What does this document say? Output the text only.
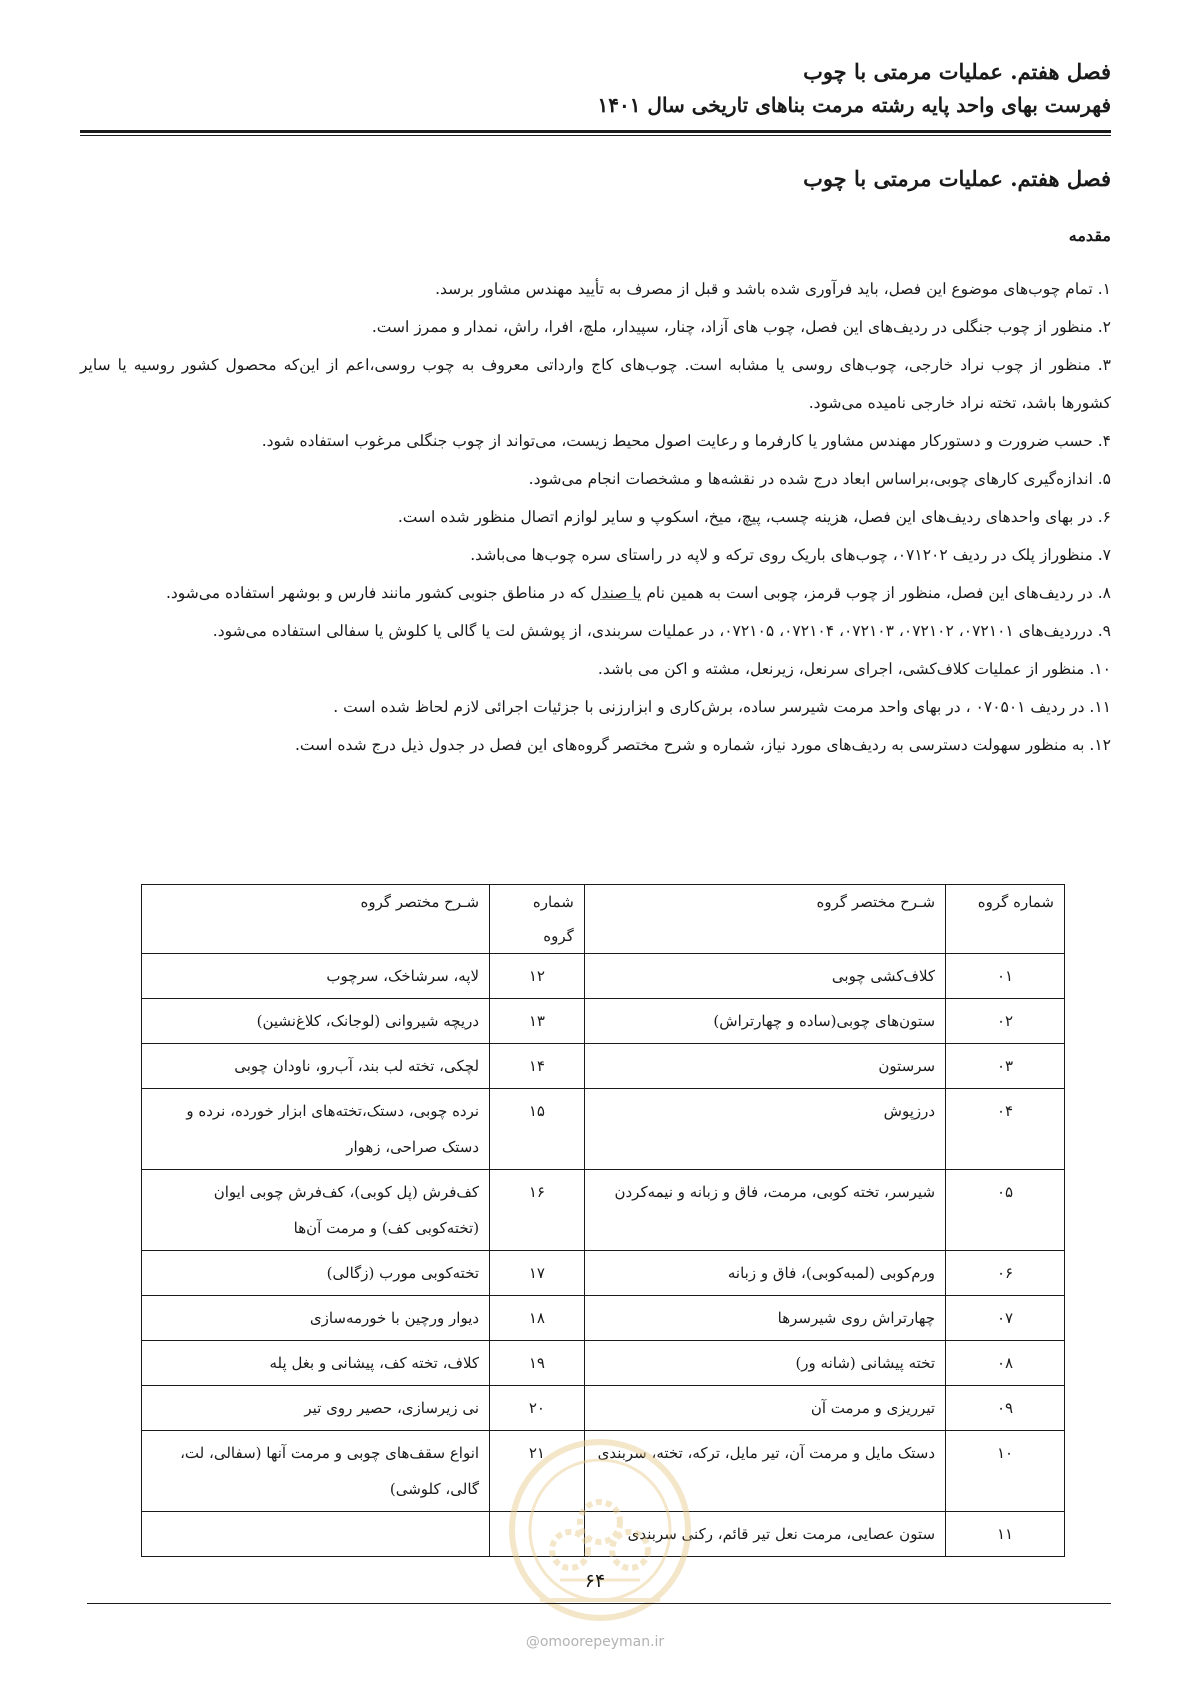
فصل هفتم. عملیات مرمتی با چوب
فهرست بهای واحد پایه رشته مرمت بناهای تاریخی سال ۱۴۰۱
فصل هفتم. عملیات مرمتی با چوب
مقدمه

۱. تمام چوب‌های موضوع این فصل، باید فرآوری شده باشد و قبل از مصرف به تأیید مهندس مشاور برسد.

۲. منظور از چوب جنگلی در ردیف‌های این فصل، چوب های آزاد، چنار، سپیدار، ملچ، افرا، راش، نمدار و ممرز است.

۳. منظور از چوب نراد خارجی، چوب‌های روسی یا مشابه است. چوب‌های کاج وارداتی معروف به چوب روسی،اعم از این‌که محصول کشور روسیه یا سایر کشورها باشد، تخته نراد خارجی نامیده می‌شود.

۴. حسب ضرورت و دستورکار مهندس مشاور یا کارفرما و رعایت اصول محیط زیست، می‌تواند از چوب جنگلی مرغوب استفاده شود.

۵. اندازه‌گیری کارهای چوبی،براساس ابعاد درج شده در نقشه‌ها و مشخصات انجام می‌شود.

۶. در بهای واحدهای ردیف‌های این فصل، هزینه چسب، پیچ، میخ، اسکوپ و سایر لوازم اتصال منظور شده است.

۷. منظوراز پلک در ردیف ۰۷۱۲۰۲، چوب‌های باریک روی ترکه و لاپه در راستای سره چوب‌ها می‌باشد.

۸. در ردیف‌های این فصل، منظور از چوب قرمز، چوبی است به همین نام یا صندل که در مناطق جنوبی کشور مانند فارس و بوشهر استفاده می‌شود.

۹. درردیف‌های ۰۷۲۱۰۱، ۰۷۲۱۰۲، ۰۷۲۱۰۳، ۰۷۲۱۰۴، ۰۷۲۱۰۵، در عملیات سربندی، از پوشش لت یا گالی یا کلوش یا سفالی استفاده می‌شود.

۱۰. منظور از عملیات کلاف‌کشی، اجرای سرنعل، زیرنعل، مشته و اکن می باشد.

۱۱. در ردیف ۰۷۰۵۰۱ ، در بهای واحد مرمت شیرسر ساده، برش‌کاری و ابزارزنی با جزئیات اجرائی لازم لحاظ شده است .

۱۲. به منظور سهولت دسترسی به ردیف‌های مورد نیاز، شماره و شرح مختصر گروه‌های این فصل در جدول ذیل درج شده است.

شماره گروه	شـرح مختصر گروه	شماره گروه	شـرح مختصر گروه
۰۱	کلاف‌کشی چوبی	۱۲	لاپه، سرشاخک، سرچوب
۰۲	ستون‌های چوبی(ساده و چهارتراش)	۱۳	دریچه شیروانی (لوجانک، کلاغ‌نشین)
۰۳	سرستون	۱۴	لچکی، تخته لب بند، آب‌رو، ناودان چوبی
۰۴	درزپوش	۱۵	نرده چوبی، دستک،تخته‌های ابزار خورده، نرده و دستک صراحی، زهوار
۰۵	شیرسر، تخته کوبی، مرمت، فاق و زبانه و نیمه‌کردن	۱۶	کف‌فرش (پل کوبی)، کف‌فرش چوبی ایوان (تخته‌کوبی کف) و مرمت آن‌ها
۰۶	ورم‌کوبی (لمبه‌کوبی)، فاق و زبانه	۱۷	تخته‌کوبی مورب (زگالی)
۰۷	چهارتراش روی شیرسرها	۱۸	دیوار ورچین با خورمه‌سازی
۰۸	تخته پیشانی (شانه ور)	۱۹	کلاف، تخته کف، پیشانی و بغل پله
۰۹	تیرریزی و مرمت آن	۲۰	نی زیرسازی، حصیر روی تیر
۱۰	دستک مایل و مرمت آن، تیر مایل، ترکه، تخته، سربندی	۲۱	انواع سقف‌های چوبی و مرمت آنها (سفالی، لت، گالی، کلوشی)
۱۱	ستون عصایی، مرمت نعل تیر قائم، رکنی سربندی		
۶۴
@omoorepeyman.ir
